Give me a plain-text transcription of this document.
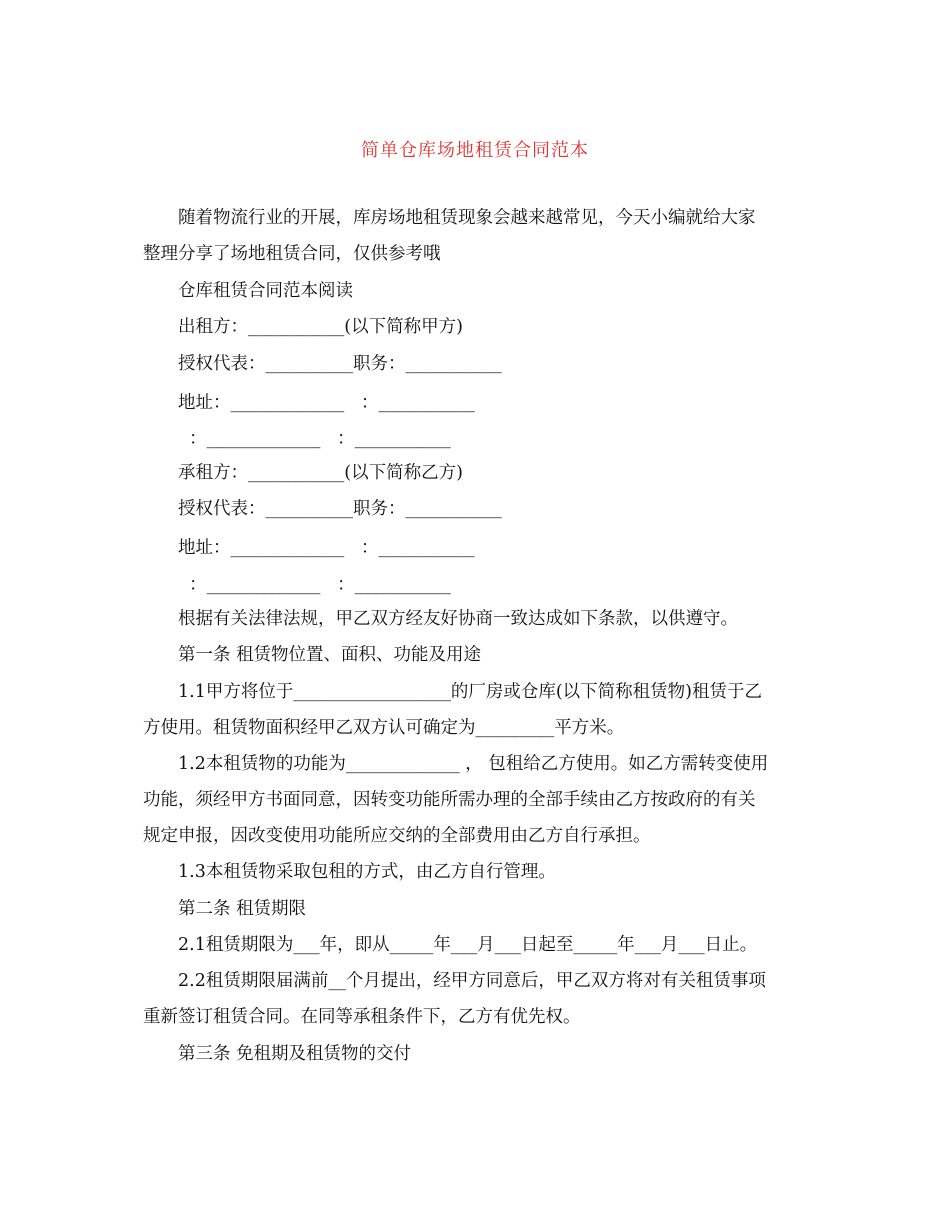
简单仓库场地租赁合同范本
随着物流行业的开展，库房场地租赁现象会越来越常见，今天小编就给大家
整理分享了场地租赁合同，仅供参考哦
仓库租赁合同范本阅读
出租方：___________(以下简称甲方)
授权代表：__________职务：___________
地址：_____________   ：___________
：_____________   ：___________
承租方：___________(以下简称乙方)
授权代表：__________职务：___________
地址：_____________   ：___________
：_____________   ：___________
根据有关法律法规，甲乙双方经友好协商一致达成如下条款，以供遵守。
第一条 租赁物位置、面积、功能及用途
1.1甲方将位于__________________的厂房或仓库(以下简称租赁物)租赁于乙
方使用。租赁物面积经甲乙双方认可确定为_________平方米。
1.2本租赁物的功能为_____________ ， 包租给乙方使用。如乙方需转变使用
功能，须经甲方书面同意，因转变功能所需办理的全部手续由乙方按政府的有关
规定申报，因改变使用功能所应交纳的全部费用由乙方自行承担。
1.3本租赁物采取包租的方式，由乙方自行管理。
第二条 租赁期限
2.1租赁期限为___年，即从_____年___月___日起至_____年___月___日止。
2.2租赁期限届满前__个月提出，经甲方同意后，甲乙双方将对有关租赁事项
重新签订租赁合同。在同等承租条件下，乙方有优先权。
第三条 免租期及租赁物的交付
